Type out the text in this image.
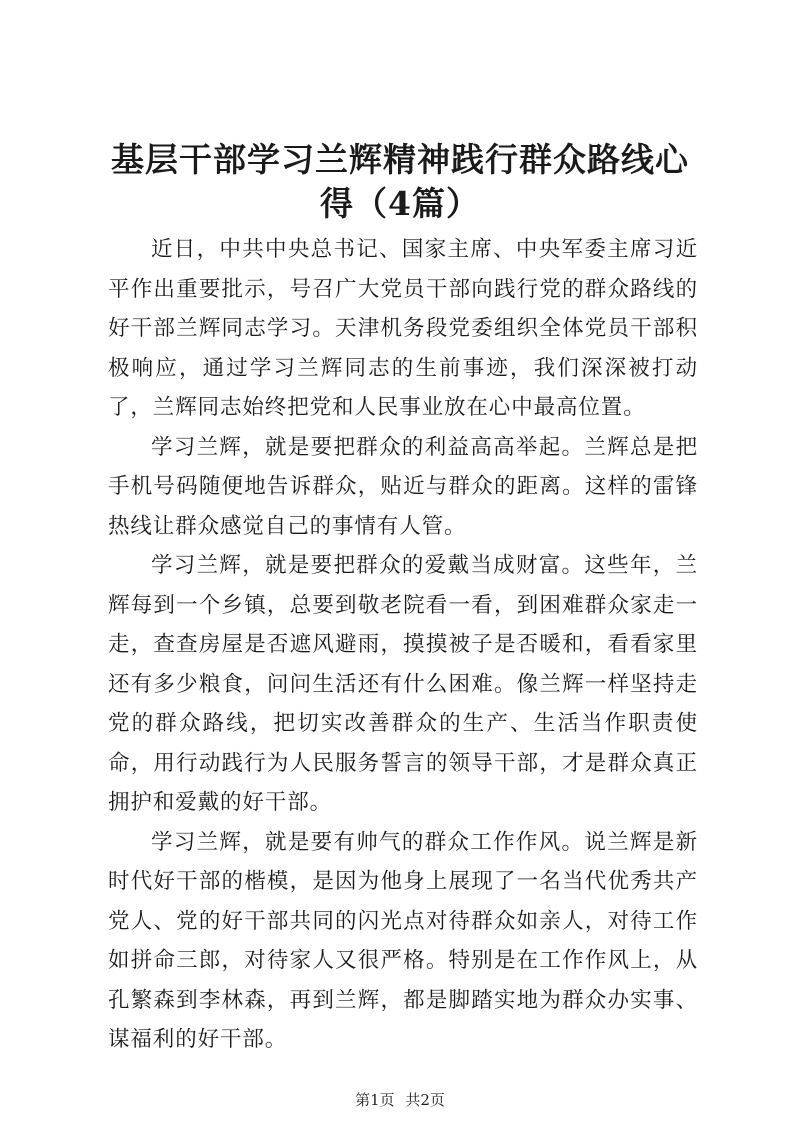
基层干部学习兰辉精神践行群众路线心得（4篇）

近日，中共中央总书记、国家主席、中央军委主席习近平作出重要批示，号召广大党员干部向践行党的群众路线的好干部兰辉同志学习。天津机务段党委组织全体党员干部积极响应，通过学习兰辉同志的生前事迹，我们深深被打动了，兰辉同志始终把党和人民事业放在心中最高位置。

学习兰辉，就是要把群众的利益高高举起。兰辉总是把手机号码随便地告诉群众，贴近与群众的距离。这样的雷锋热线让群众感觉自己的事情有人管。

学习兰辉，就是要把群众的爱戴当成财富。这些年，兰辉每到一个乡镇，总要到敬老院看一看，到困难群众家走一走，查查房屋是否遮风避雨，摸摸被子是否暖和，看看家里还有多少粮食，问问生活还有什么困难。像兰辉一样坚持走党的群众路线，把切实改善群众的生产、生活当作职责使命，用行动践行为人民服务誓言的领导干部，才是群众真正拥护和爱戴的好干部。

学习兰辉，就是要有帅气的群众工作作风。说兰辉是新时代好干部的楷模，是因为他身上展现了一名当代优秀共产党人、党的好干部共同的闪光点对待群众如亲人，对待工作如拼命三郎，对待家人又很严格。特别是在工作作风上，从孔繁森到李林森，再到兰辉，都是脚踏实地为群众办实事、谋福利的好干部。

第1页 共2页
